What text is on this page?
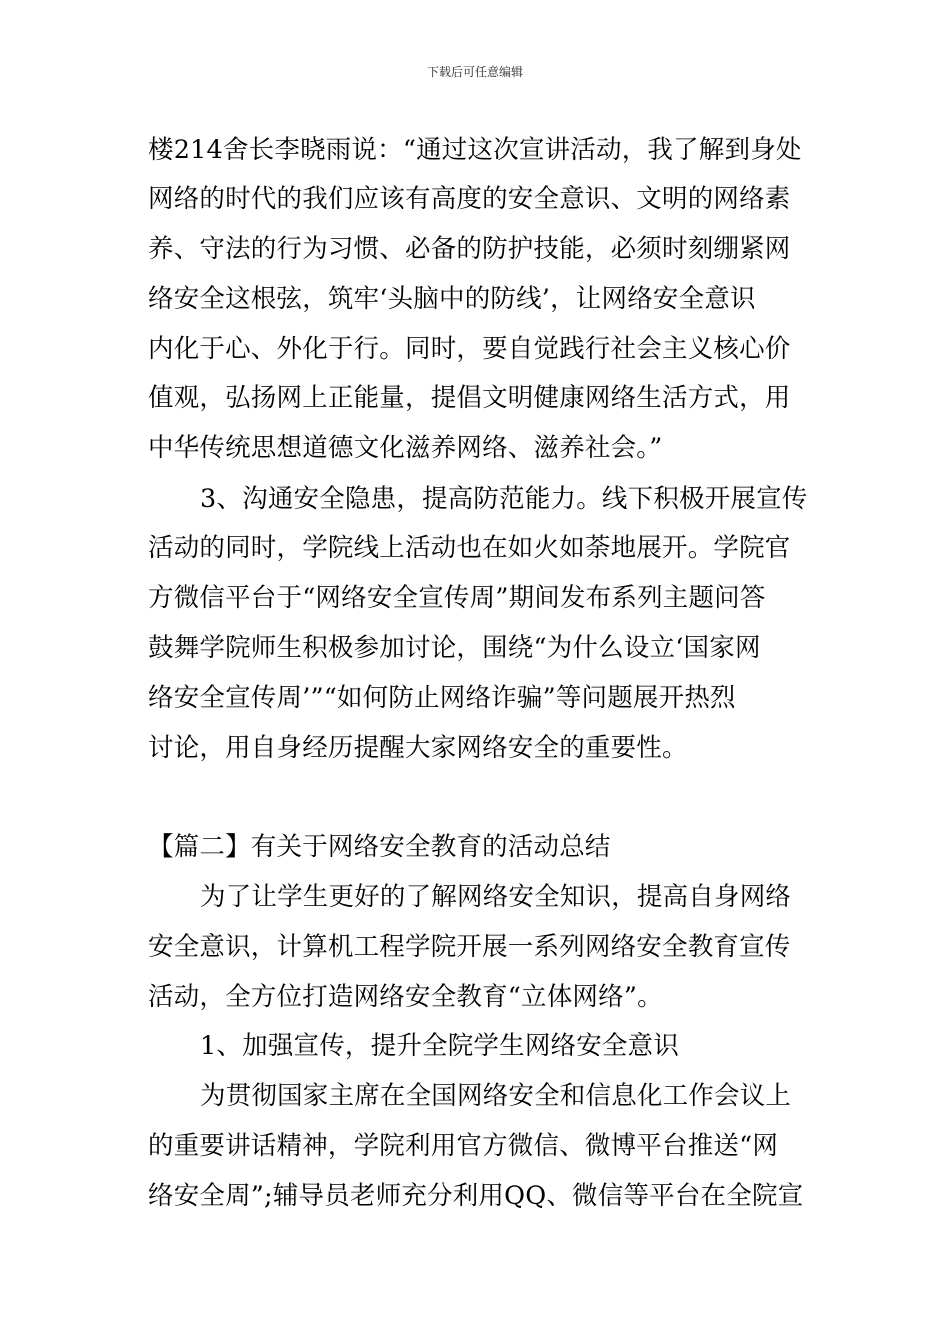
下载后可任意编辑
楼214舍长李晓雨说：“通过这次宣讲活动，我了解到身处
网络的时代的我们应该有高度的安全意识、文明的网络素
养、守法的行为习惯、必备的防护技能，必须时刻绷紧网
络安全这根弦，筑牢‘头脑中的防线’，让网络安全意识
内化于心、外化于行。同时，要自觉践行社会主义核心价
值观，弘扬网上正能量，提倡文明健康网络生活方式，用
中华传统思想道德文化滋养网络、滋养社会。”
3、沟通安全隐患，提高防范能力。线下积极开展宣传
活动的同时，学院线上活动也在如火如荼地展开。学院官
方微信平台于“网络安全宣传周”期间发布系列主题问答
鼓舞学院师生积极参加讨论，围绕“为什么设立‘国家网
络安全宣传周’”“如何防止网络诈骗”等问题展开热烈
讨论，用自身经历提醒大家网络安全的重要性。
【篇二】有关于网络安全教育的活动总结
为了让学生更好的了解网络安全知识，提高自身网络
安全意识，计算机工程学院开展一系列网络安全教育宣传
活动，全方位打造网络安全教育“立体网络”。
1、加强宣传，提升全院学生网络安全意识
为贯彻国家主席在全国网络安全和信息化工作会议上
的重要讲话精神，学院利用官方微信、微博平台推送“网
络安全周”;辅导员老师充分利用QQ、微信等平台在全院宣
